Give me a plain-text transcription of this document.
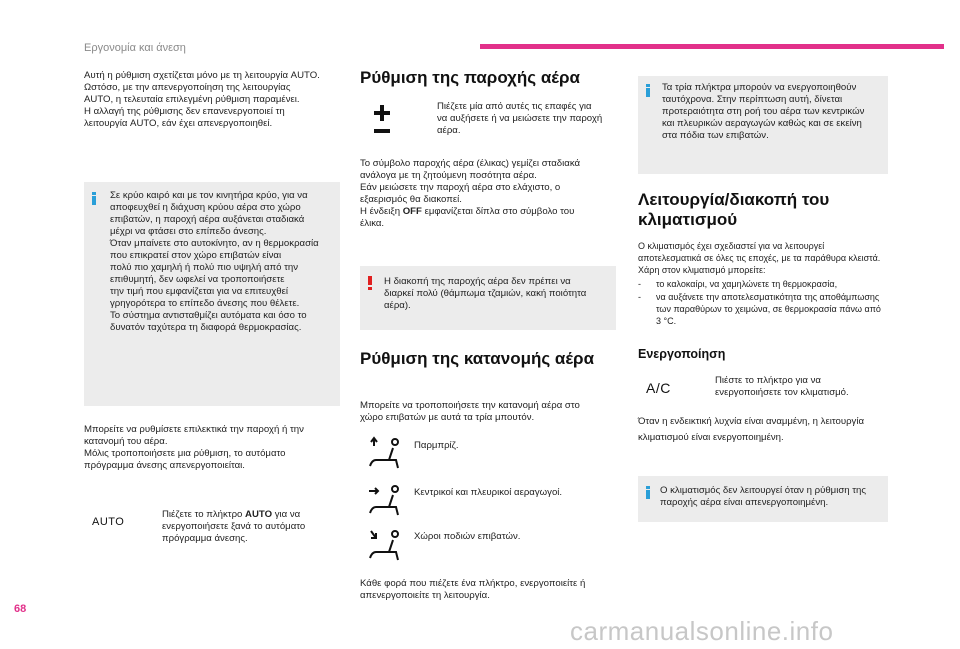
Εργονομία και άνεση
Αυτή η ρύθμιση σχετίζεται μόνο με τη λειτουργία AUTO.
Ωστόσο, με την απενεργοποίηση της λειτουργίας
AUTO, η τελευταία επιλεγμένη ρύθμιση παραμένει.
Η αλλαγή της ρύθμισης δεν επανενεργοποιεί τη
λειτουργία AUTO, εάν έχει απενεργοποιηθεί.
Σε κρύο καιρό και με τον κινητήρα κρύο, για να
αποφευχθεί η διάχυση κρύου αέρα στο χώρο
επιβατών, η παροχή αέρα αυξάνεται σταδιακά
μέχρι να φτάσει στο επίπεδο άνεσης.
Όταν μπαίνετε στο αυτοκίνητο, αν η θερμοκρασία
που επικρατεί στον χώρο επιβατών είναι
πολύ πιο χαμηλή ή πολύ πιο υψηλή από την
επιθυμητή, δεν ωφελεί να τροποποιήσετε
την τιμή που εμφανίζεται για να επιτευχθεί
γρηγορότερα το επίπεδο άνεσης που θέλετε.
Το σύστημα αντισταθμίζει αυτόματα και όσο το
δυνατόν ταχύτερα τη διαφορά θερμοκρασίας.
Μπορείτε να ρυθμίσετε επιλεκτικά την παροχή ή την
κατανομή του αέρα.
Μόλις τροποποιήσετε μια ρύθμιση, το αυτόματο
πρόγραμμα άνεσης απενεργοποιείται.
AUTO
Πιέζετε το πλήκτρο AUTO για να
ενεργοποιήσετε ξανά το αυτόματο
πρόγραμμα άνεσης.
Ρύθμιση της παροχής αέρα
Πιέζετε μία από αυτές τις επαφές για
να αυξήσετε ή να μειώσετε την παροχή
αέρα.
Το σύμβολο παροχής αέρα (έλικας) γεμίζει σταδιακά
ανάλογα με τη ζητούμενη ποσότητα αέρα.
Εάν μειώσετε την παροχή αέρα στο ελάχιστο, ο
εξαερισμός θα διακοπεί.
Η ένδειξη OFF εμφανίζεται δίπλα στο σύμβολο του
έλικα.
Η διακοπή της παροχής αέρα δεν πρέπει να
διαρκεί πολύ (θάμπωμα τζαμιών, κακή ποιότητα
αέρα).
Ρύθμιση της κατανομής αέρα
Μπορείτε να τροποποιήσετε την κατανομή αέρα στο
χώρο επιβατών με αυτά τα τρία μπουτόν.
Παρμπρίζ.
Κεντρικοί και πλευρικοί αεραγωγοί.
Χώροι ποδιών επιβατών.
Κάθε φορά που πιέζετε ένα πλήκτρο, ενεργοποιείτε ή
απενεργοποιείτε τη λειτουργία.
Τα τρία πλήκτρα μπορούν να ενεργοποιηθούν
ταυτόχρονα. Στην περίπτωση αυτή, δίνεται
προτεραιότητα στη ροή του αέρα των κεντρικών
και πλευρικών αεραγωγών καθώς και σε εκείνη
στα πόδια των επιβατών.
Λειτουργία/διακοπή του
κλιματισμού
Ο κλιματισμός έχει σχεδιαστεί για να λειτουργεί
αποτελεσματικά σε όλες τις εποχές, με τα παράθυρα κλειστά.
Χάρη στον κλιματισμό μπορείτε:
- το καλοκαίρι, να χαμηλώνετε τη θερμοκρασία,
- να αυξάνετε την αποτελεσματικότητα της αποθάμπωσης
των παραθύρων το χειμώνα, σε θερμοκρασία πάνω από
3 °C.
Ενεργοποίηση
A/C	Πιέστε το πλήκτρο για να
ενεργοποιήσετε τον κλιματισμό.
Όταν η ενδεικτική λυχνία είναι αναμμένη, η λειτουργία
κλιματισμού είναι ενεργοποιημένη.
Ο κλιματισμός δεν λειτουργεί όταν η ρύθμιση της
παροχής αέρα είναι απενεργοποιημένη.
68
carmanualsonline.info
